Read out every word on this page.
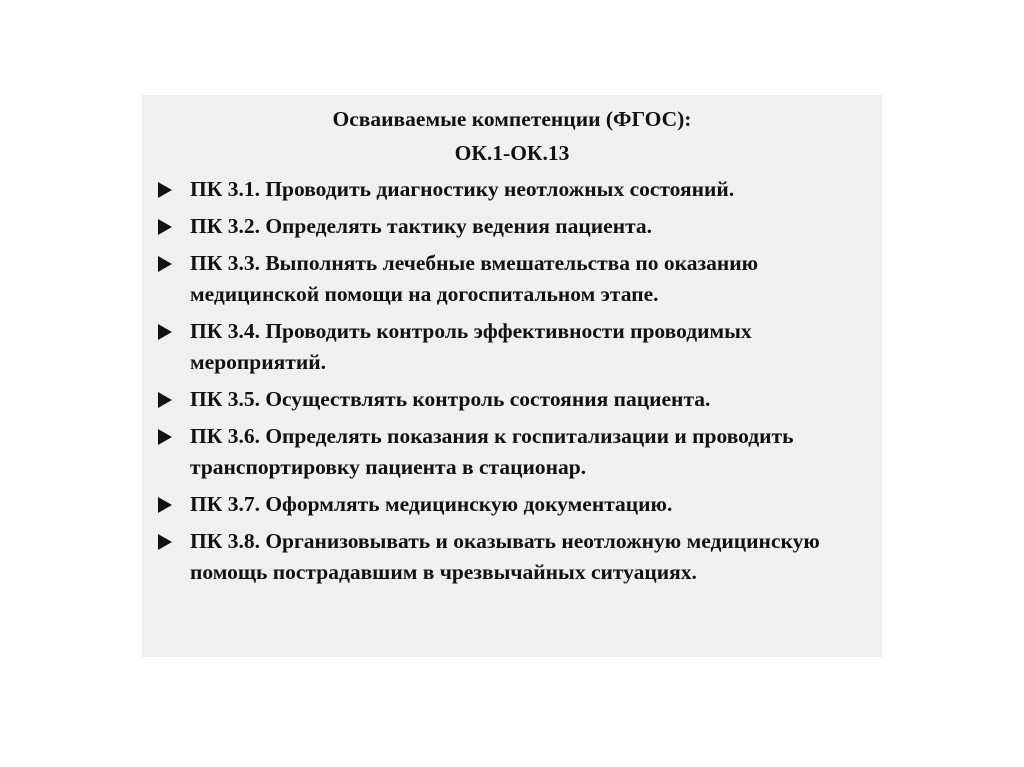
Осваиваемые компетенции (ФГОС):
ОК.1-ОК.13
ПК 3.1. Проводить диагностику неотложных состояний.
ПК 3.2. Определять тактику ведения пациента.
ПК 3.3. Выполнять лечебные вмешательства по оказанию медицинской помощи на догоспитальном этапе.
ПК 3.4. Проводить контроль эффективности проводимых мероприятий.
ПК 3.5. Осуществлять контроль состояния пациента.
ПК 3.6. Определять показания к госпитализации и проводить транспортировку пациента в стационар.
ПК 3.7. Оформлять медицинскую документацию.
ПК 3.8. Организовывать и оказывать неотложную медицинскую помощь пострадавшим в чрезвычайных ситуациях.
